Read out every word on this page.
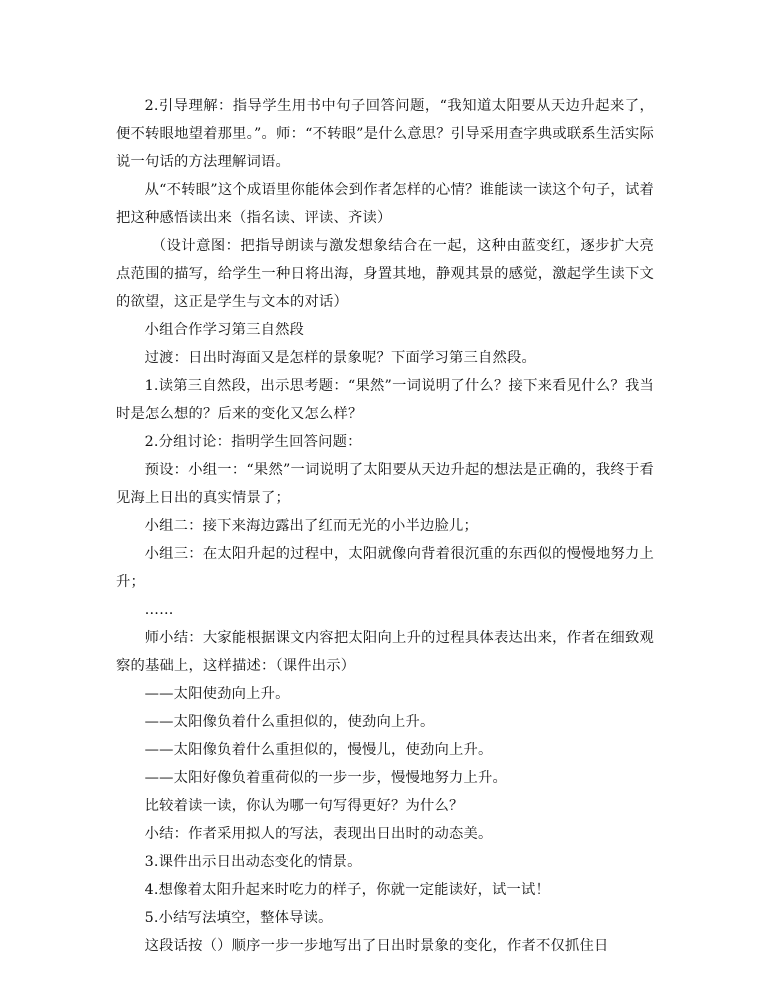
2.引导理解：指导学生用书中句子回答问题，“我知道太阳要从天边升起来了，便不转眼地望着那里。”。师：“不转眼”是什么意思？引导采用查字典或联系生活实际说一句话的方法理解词语。

从“不转眼”这个成语里你能体会到作者怎样的心情？谁能读一读这个句子，试着把这种感悟读出来（指名读、评读、齐读）

（设计意图：把指导朗读与激发想象结合在一起，这种由蓝变红，逐步扩大亮点范围的描写，给学生一种日将出海，身置其地，静观其景的感觉，激起学生读下文的欲望，这正是学生与文本的对话）

小组合作学习第三自然段

过渡：日出时海面又是怎样的景象呢？下面学习第三自然段。

1.读第三自然段，出示思考题：“果然”一词说明了什么？接下来看见什么？我当时是怎么想的？后来的变化又怎么样？

2.分组讨论：指明学生回答问题：

预设：小组一：“果然”一词说明了太阳要从天边升起的想法是正确的，我终于看见海上日出的真实情景了；

小组二：接下来海边露出了红而无光的小半边脸儿；

小组三：在太阳升起的过程中，太阳就像向背着很沉重的东西似的慢慢地努力上升；

……

师小结：大家能根据课文内容把太阳向上升的过程具体表达出来，作者在细致观察的基础上，这样描述：（课件出示）

——太阳使劲向上升。

——太阳像负着什么重担似的，使劲向上升。

——太阳像负着什么重担似的，慢慢儿，使劲向上升。

——太阳好像负着重荷似的一步一步，慢慢地努力上升。

比较着读一读，你认为哪一句写得更好？为什么？

小结：作者采用拟人的写法，表现出日出时的动态美。

3.课件出示日出动态变化的情景。

4.想像着太阳升起来时吃力的样子，你就一定能读好，试一试！

5.小结写法填空，整体导读。

这段话按（）顺序一步一步地写出了日出时景象的变化，作者不仅抓住日
